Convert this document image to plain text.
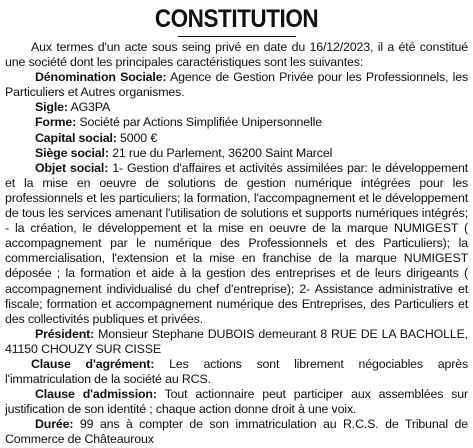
CONSTITUTION

Aux termes d'un acte sous seing privé en date du 16/12/2023, il a été constitué une société dont les principales caractéristiques sont les suivantes:

Dénomination Sociale: Agence de Gestion Privée pour les Professionnels, les Particuliers et Autres organismes.

Sigle: AG3PA

Forme: Société par Actions Simplifiée Unipersonnelle

Capital social: 5000 €

Siège social: 21 rue du Parlement, 36200 Saint Marcel

Objet social: 1- Gestion d'affaires et activités assimilées par: le développement et la mise en oeuvre de solutions de gestion numérique intégrées pour les professionnels et les particuliers; la formation, l'accompagnement et le développement de tous les services amenant l'utilisation de solutions et supports numériques intégrés; - la création, le développement et la mise en oeuvre de la marque NUMIGEST ( accompagnement par le numérique des Professionnels et des Particuliers); la commercialisation, l'extension et la mise en franchise de la marque NUMIGEST déposée ; la formation et aide à la gestion des entreprises et de leurs dirigeants ( accompagnement individualisé du chef d'entreprise); 2- Assistance administrative et fiscale; formation et accompagnement numérique des Entreprises, des Particuliers et des collectivités publiques et privées.

Président: Monsieur Stephane DUBOIS demeurant 8 RUE DE LA BACHOLLE, 41150 CHOUZY SUR CISSE

Clause d'agrément: Les actions sont librement négociables après l'immatriculation de la société au RCS.

Clause d'admission: Tout actionnaire peut participer aux assemblées sur justification de son identité ; chaque action donne droit à une voix.

Durée: 99 ans à compter de son immatriculation au R.C.S. de Tribunal de Commerce de Châteauroux
